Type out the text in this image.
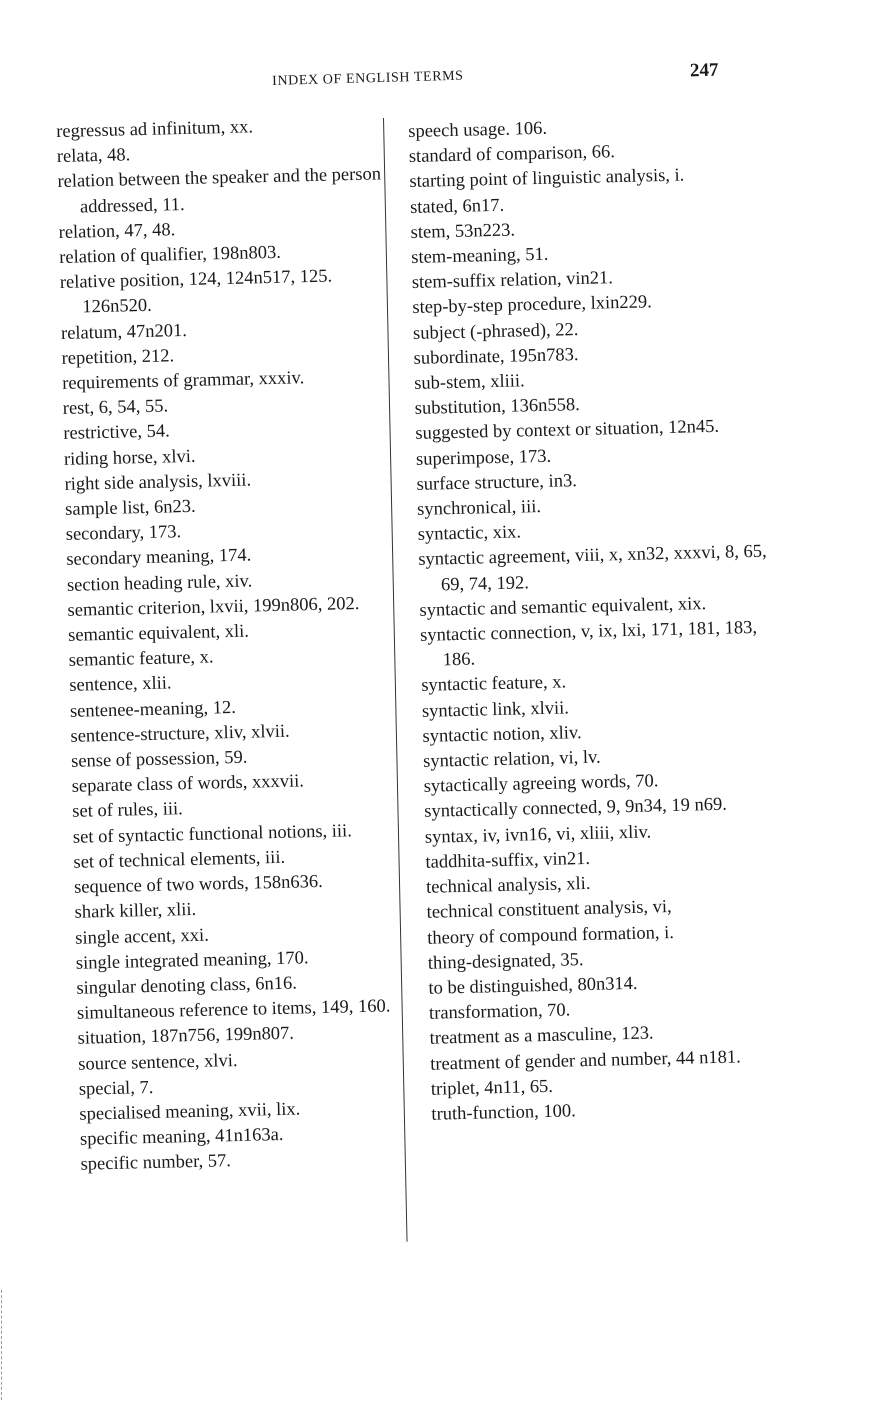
INDEX OF ENGLISH TERMS	247
regressus ad infinitum, xx.
relata, 48.
relation between the speaker and the person addressed, 11.
relation, 47, 48.
relation of qualifier, 198n803.
relative position, 124, 124n517, 125. 126n520.
relatum, 47n201.
repetition, 212.
requirements of grammar, xxxiv.
rest, 6, 54, 55.
restrictive, 54.
riding horse, xlvi.
right side analysis, lxviii.
sample list, 6n23.
secondary, 173.
secondary meaning, 174.
section heading rule, xiv.
semantic criterion, lxvii, 199n806, 202.
semantic equivalent, xli.
semantic feature, x.
sentence, xlii.
sentenee-meaning, 12.
sentence-structure, xliv, xlvii.
sense of possession, 59.
separate class of words, xxxvii.
set of rules, iii.
set of syntactic functional notions, iii.
set of technical elements, iii.
sequence of two words, 158n636.
shark killer, xlii.
single accent, xxi.
single integrated meaning, 170.
singular denoting class, 6n16.
simultaneous reference to items, 149, 160.
situation, 187n756, 199n807.
source sentence, xlvi.
special, 7.
specialised meaning, xvii, lix.
specific meaning, 41n163a.
specific number, 57.
speech usage. 106.
standard of comparison, 66.
starting point of linguistic analysis, i.
stated, 6n17.
stem, 53n223.
stem-meaning, 51.
stem-suffix relation, vin21.
step-by-step procedure, lxin229.
subject (-phrased), 22.
subordinate, 195n783.
sub-stem, xliii.
substitution, 136n558.
suggested by context or situation, 12n45.
superimpose, 173.
surface structure, in3.
synchronical, iii.
syntactic, xix.
syntactic agreement, viii, x, xn32, xxxvi, 8, 65, 69, 74, 192.
syntactic and semantic equivalent, xix.
syntactic connection, v, ix, lxi, 171, 181, 183, 186.
syntactic feature, x.
syntactic link, xlvii.
syntactic notion, xliv.
syntactic relation, vi, lv.
sytactically agreeing words, 70.
syntactically connected, 9, 9n34, 19 n69.
syntax, iv, ivn16, vi, xliii, xliv.
taddhita-suffix, vin21.
technical analysis, xli.
technical constituent analysis, vi,
theory of compound formation, i.
thing-designated, 35.
to be distinguished, 80n314.
transformation, 70.
treatment as a masculine, 123.
treatment of gender and number, 44 n181.
triplet, 4n11, 65.
truth-function, 100.
